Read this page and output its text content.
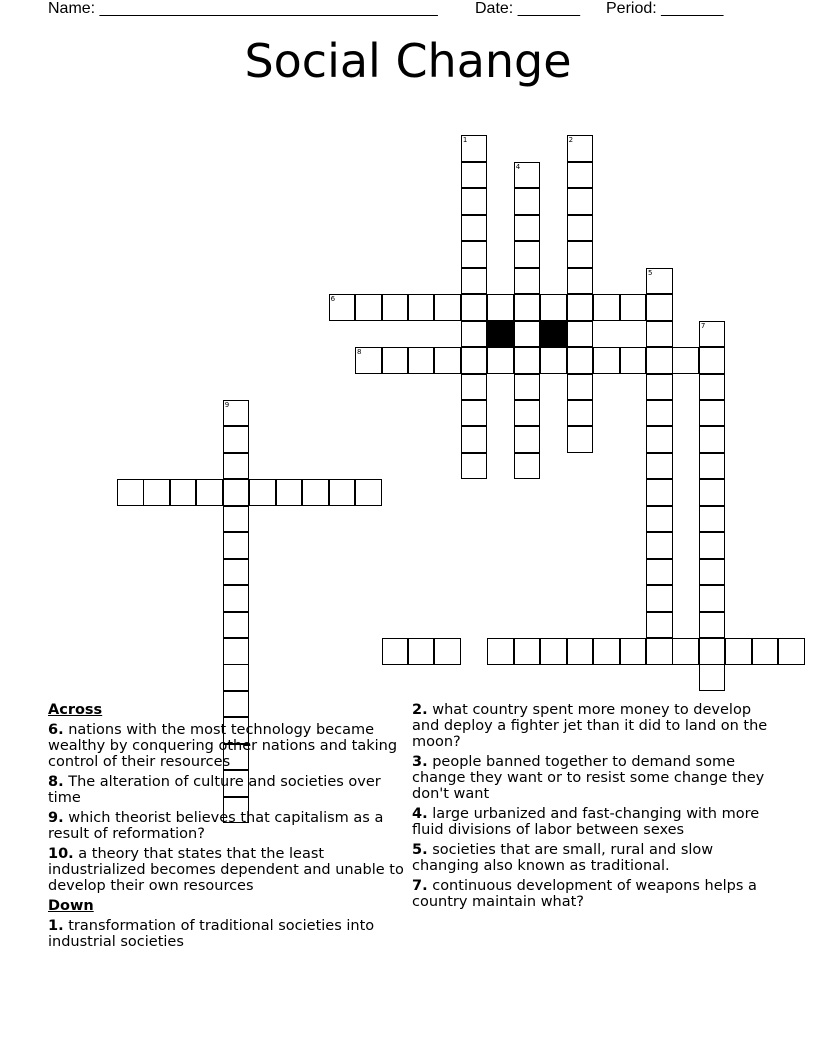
Name: ______________________________________ Date: _______ Period: _______
Social Change
9
1	2
4
5
7
6
8
Across
6. nations with the most technology became wealthy by conquering other nations and taking control of their resources
8. The alteration of culture and societies over time
9. which theorist believes that capitalism as a result of reformation?
10. a theory that states that the least industrialized becomes dependent and unable to develop their own resources
Down
1. transformation of traditional societies into industrial societies
2. what country spent more money to develop and deploy a fighter jet than it did to land on the moon?
3. people banned together to demand some change they want or to resist some change they don't want
4. large urbanized and fast-changing with more fluid divisions of labor between sexes
5. societies that are small, rural and slow changing also known as traditional.
7. continuous development of weapons helps a country maintain what?
